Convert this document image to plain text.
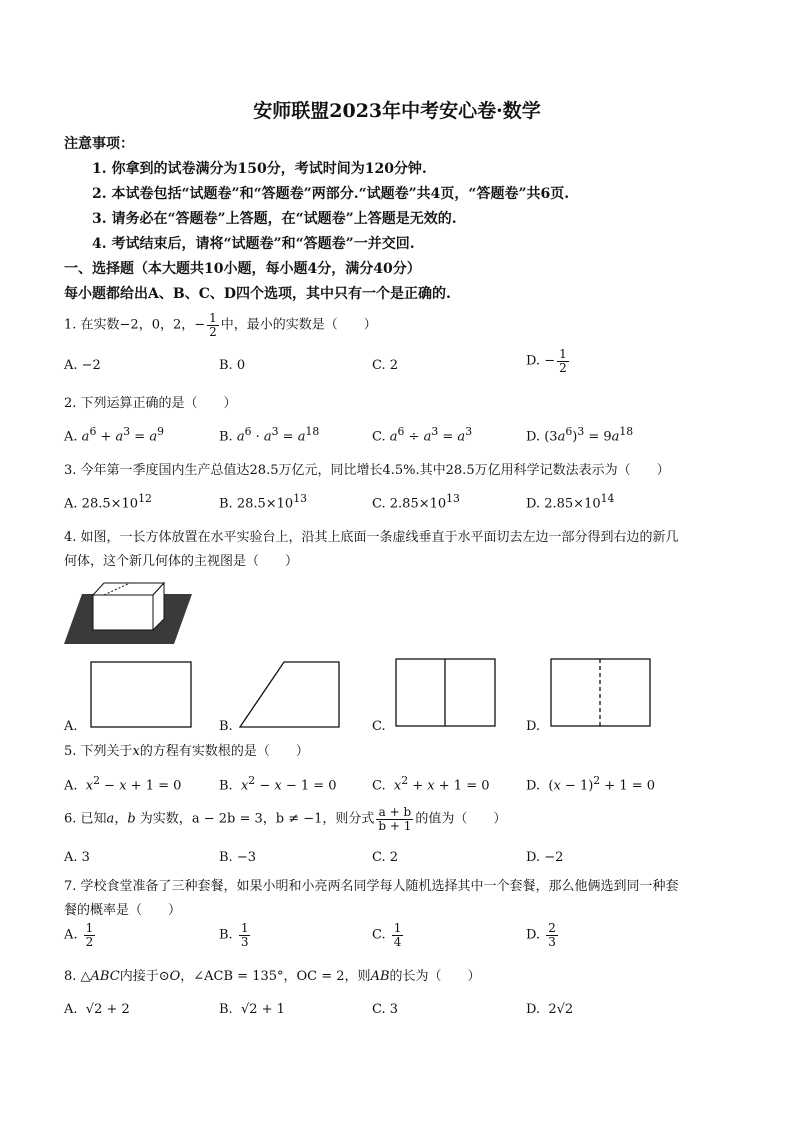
安师联盟2023年中考安心卷·数学
注意事项：
1. 你拿到的试卷满分为150分，考试时间为120分钟.
2. 本试卷包括“试题卷”和“答题卷”两部分.“试题卷”共4页，“答题卷”共6页.
3. 请务必在“答题卷”上答题，在“试题卷”上答题是无效的.
4. 考试结束后，请将“试题卷”和“答题卷”一并交回.
一、选择题（本大题共10小题，每小题4分，满分40分）
每小题都给出A、B、C、D四个选项，其中只有一个是正确的.
1. 在实数−2，0，2，− $\frac{1}{2}$ 中，最小的实数是（　　）
A. −2	B. 0	C. 2	D. − $\frac{1}{2}$
2. 下列运算正确的是（　　）
A. $a^6 + a^3 = a^9$	B. $a^6 \cdot a^3 = a^{18}$	C. $a^6 \div a^3 = a^3$	D. $(3a^6)^3 = 9a^{18}$
3. 今年第一季度国内生产总值达28.5万亿元，同比增长4.5%.其中28.5万亿用科学记数法表示为（　　）
A. $28.5\times 10^{12}$	B. $28.5\times 10^{13}$	C. $2.85\times 10^{13}$	D. $2.85\times 10^{14}$
4. 如图，一长方体放置在水平实验台上，沿其上底面一条虚线垂直于水平面切去左边一部分得到右边的新几
何体，这个新几何体的主视图是（　　）
A.	B.	C.	D.
5. 下列关于x的方程有实数根的是（　　）
A. $x^2 - x + 1 = 0$	B. $x^2 - x - 1 = 0$	C. $x^2 + x + 1 = 0$	D.  $(x - 1)^2 + 1 = 0$
6. 已知a，b 为实数，a − 2b = 3，b ≠ −1，则分式 $\frac{a + b}{b + 1}$ 的值为（　　）
A. 3	B. −3	C. 2	D. −2
7. 学校食堂准备了三种套餐，如果小明和小亮两名同学每人随机选择其中一个套餐，那么他俩选到同一种套
餐的概率是（　　）
A. $\frac{1}{2}$	B. $\frac{1}{3}$	C. $\frac{1}{4}$	D. $\frac{2}{3}$
8. △ABC内接于⊙O，∠ACB = 135°，OC = 2，则AB的长为（　　）
A. √2 + 2	B. √2 + 1	C. 3	D. 2√2
